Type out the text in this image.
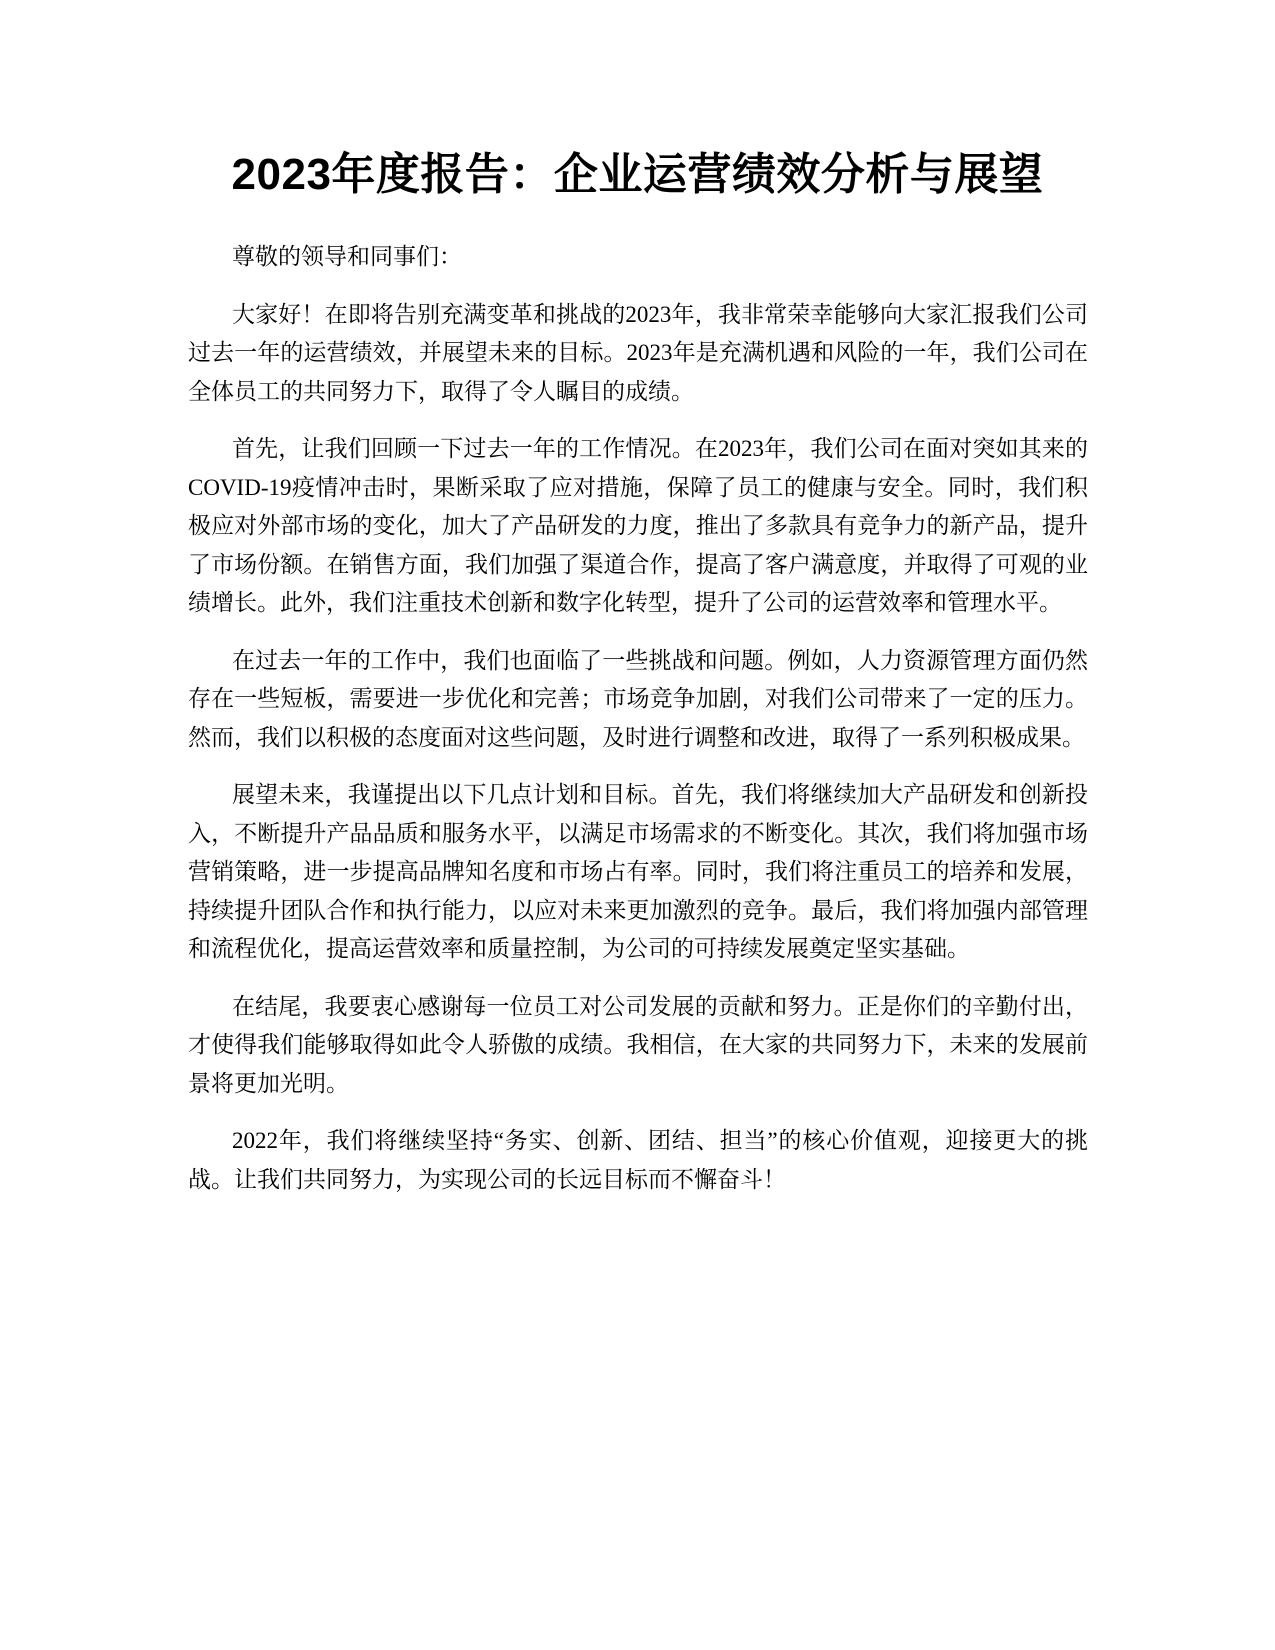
2023年度报告：企业运营绩效分析与展望

尊敬的领导和同事们：

大家好！在即将告别充满变革和挑战的2023年，我非常荣幸能够向大家汇报我们公司过去一年的运营绩效，并展望未来的目标。2023年是充满机遇和风险的一年，我们公司在全体员工的共同努力下，取得了令人瞩目的成绩。

首先，让我们回顾一下过去一年的工作情况。在2023年，我们公司在面对突如其来的COVID-19疫情冲击时，果断采取了应对措施，保障了员工的健康与安全。同时，我们积极应对外部市场的变化，加大了产品研发的力度，推出了多款具有竞争力的新产品，提升了市场份额。在销售方面，我们加强了渠道合作，提高了客户满意度，并取得了可观的业绩增长。此外，我们注重技术创新和数字化转型，提升了公司的运营效率和管理水平。

在过去一年的工作中，我们也面临了一些挑战和问题。例如，人力资源管理方面仍然存在一些短板，需要进一步优化和完善；市场竞争加剧，对我们公司带来了一定的压力。然而，我们以积极的态度面对这些问题，及时进行调整和改进，取得了一系列积极成果。

展望未来，我谨提出以下几点计划和目标。首先，我们将继续加大产品研发和创新投入，不断提升产品品质和服务水平，以满足市场需求的不断变化。其次，我们将加强市场营销策略，进一步提高品牌知名度和市场占有率。同时，我们将注重员工的培养和发展，持续提升团队合作和执行能力，以应对未来更加激烈的竞争。最后，我们将加强内部管理和流程优化，提高运营效率和质量控制，为公司的可持续发展奠定坚实基础。

在结尾，我要衷心感谢每一位员工对公司发展的贡献和努力。正是你们的辛勤付出，才使得我们能够取得如此令人骄傲的成绩。我相信，在大家的共同努力下，未来的发展前景将更加光明。

2022年，我们将继续坚持“务实、创新、团结、担当”的核心价值观，迎接更大的挑战。让我们共同努力，为实现公司的长远目标而不懈奋斗！
